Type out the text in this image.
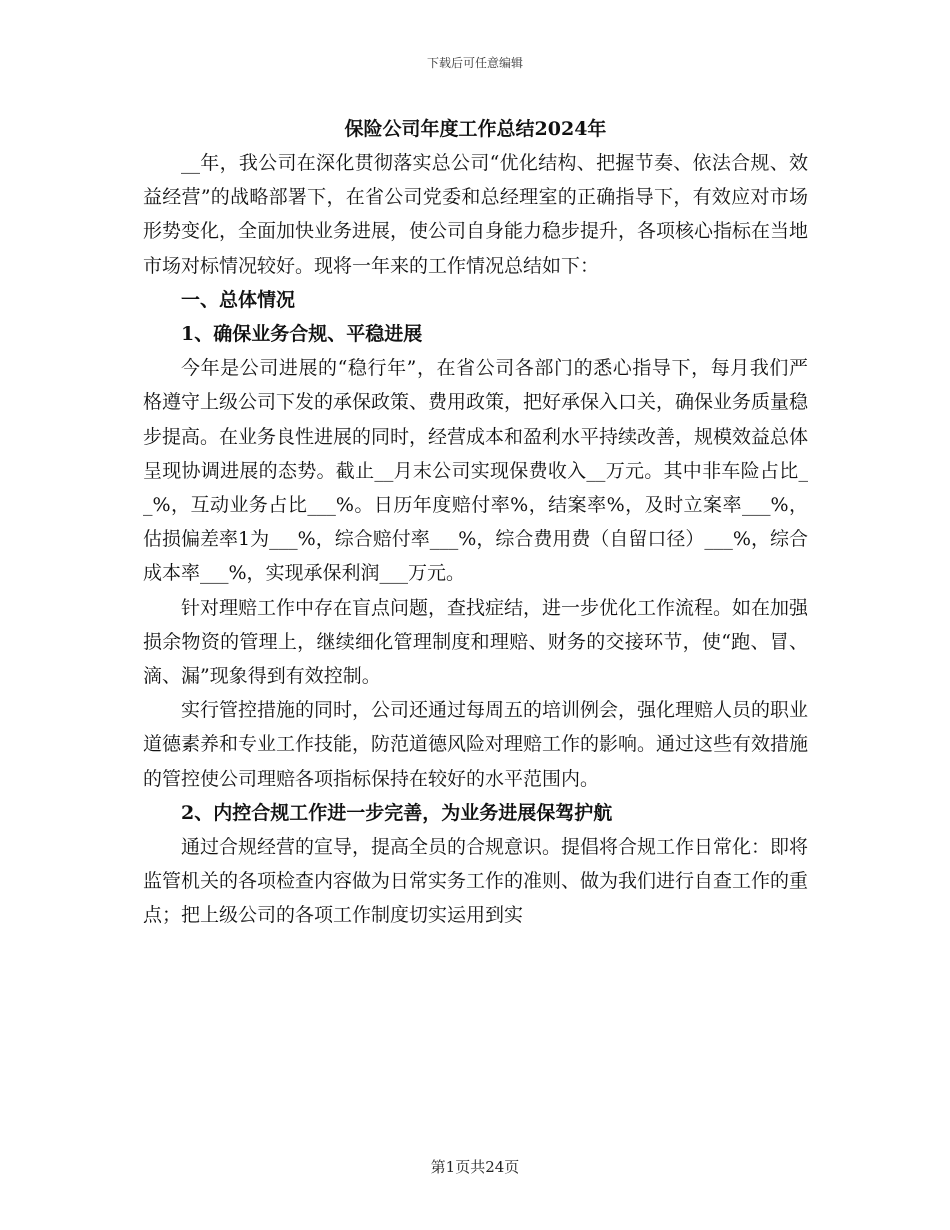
下载后可任意编辑
保险公司年度工作总结2024年

__年，我公司在深化贯彻落实总公司“优化结构、把握节奏、依法合规、效益经营”的战略部署下，在省公司党委和总经理室的正确指导下，有效应对市场形势变化，全面加快业务进展，使公司自身能力稳步提升，各项核心指标在当地市场对标情况较好。现将一年来的工作情况总结如下：

一、总体情况

1、确保业务合规、平稳进展

今年是公司进展的“稳行年”，在省公司各部门的悉心指导下，每月我们严格遵守上级公司下发的承保政策、费用政策，把好承保入口关，确保业务质量稳步提高。在业务良性进展的同时，经营成本和盈利水平持续改善，规模效益总体呈现协调进展的态势。截止__月末公司实现保费收入__万元。其中非车险占比__%，互动业务占比___%。日历年度赔付率%，结案率%，及时立案率___%，估损偏差率1为___%，综合赔付率___%，综合费用费（自留口径）___%，综合成本率___%，实现承保利润___万元。

针对理赔工作中存在盲点问题，查找症结，进一步优化工作流程。如在加强损余物资的管理上，继续细化管理制度和理赔、财务的交接环节，使“跑、冒、滴、漏”现象得到有效控制。

实行管控措施的同时，公司还通过每周五的培训例会，强化理赔人员的职业道德素养和专业工作技能，防范道德风险对理赔工作的影响。通过这些有效措施的管控使公司理赔各项指标保持在较好的水平范围内。

2、内控合规工作进一步完善，为业务进展保驾护航

通过合规经营的宣导，提高全员的合规意识。提倡将合规工作日常化：即将监管机关的各项检查内容做为日常实务工作的准则、做为我们进行自查工作的重点；把上级公司的各项工作制度切实运用到实

第1页共24页
